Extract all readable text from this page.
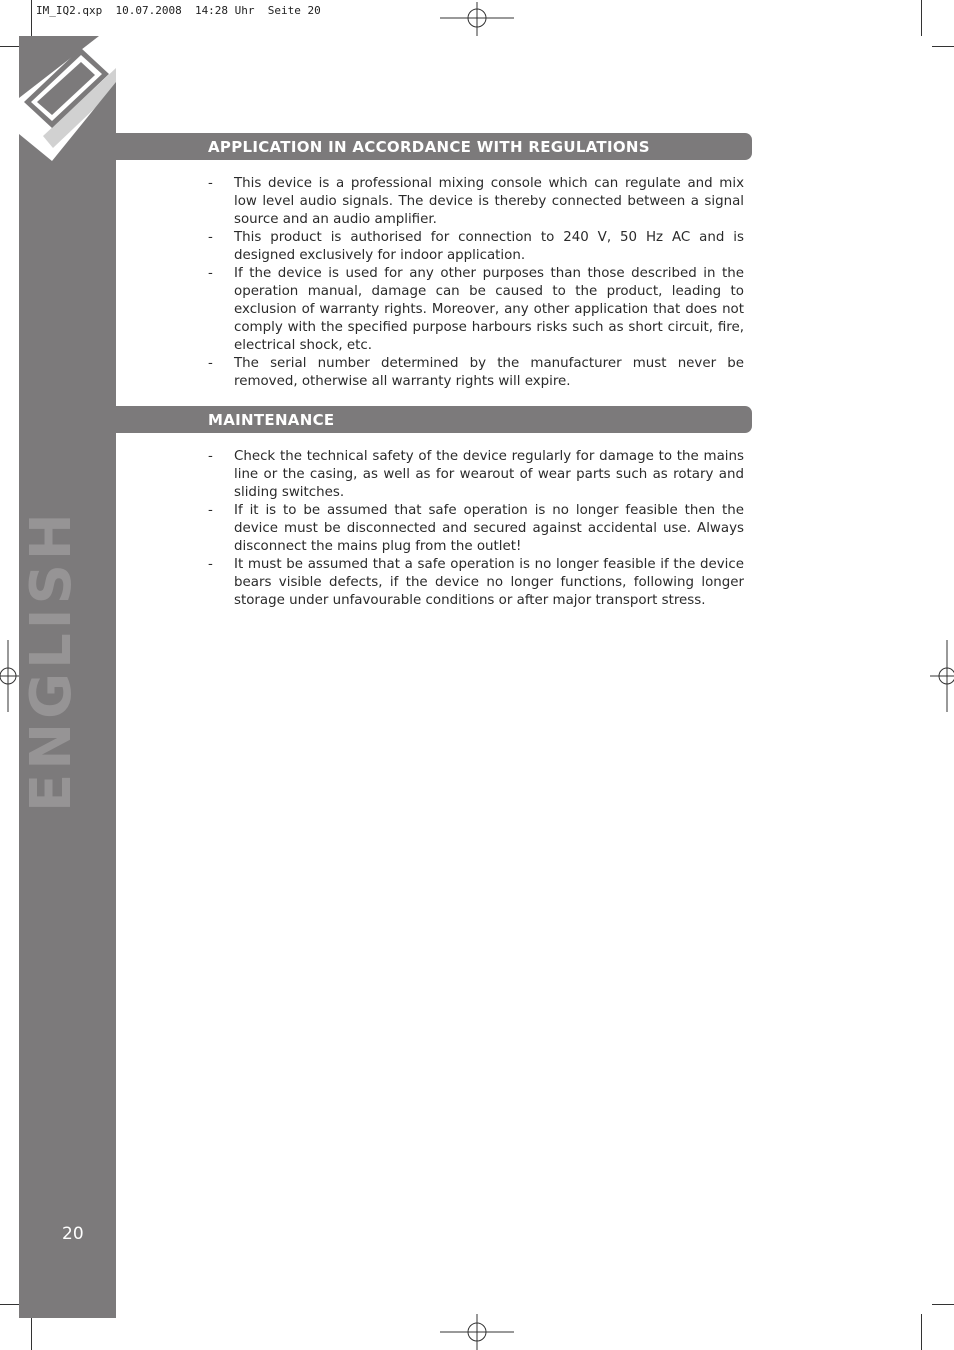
IM_IQ2.qxp  10.07.2008  14:28 Uhr  Seite 20
ENGLISH
20
APPLICATION IN ACCORDANCE WITH REGULATIONS
- This device is a professional mixing console which can regulate and mix low level audio signals. The device is thereby connected between a signal source and an audio amplifier.
- This product is authorised for connection to 240 V, 50 Hz AC and is designed exclusively for indoor application.
- If the device is used for any other purposes than those described in the operation manual, damage can be caused to the product, leading to exclusion of warranty rights. Moreover, any other application that does not comply with the specified purpose harbours risks such as short circuit, fire, electrical shock, etc.
- The serial number determined by the manufacturer must never be removed, otherwise all warranty rights will expire.
MAINTENANCE
- Check the technical safety of the device regularly for damage to the mains line or the casing, as well as for wearout of wear parts such as rotary and sliding switches.
- If it is to be assumed that safe operation is no longer feasible then the device must be disconnected and secured against accidental use. Always disconnect the mains plug from the outlet!
- It must be assumed that a safe operation is no longer feasible if the device bears visible defects, if the device no longer functions, following longer storage under unfavourable conditions or after major transport stress.
